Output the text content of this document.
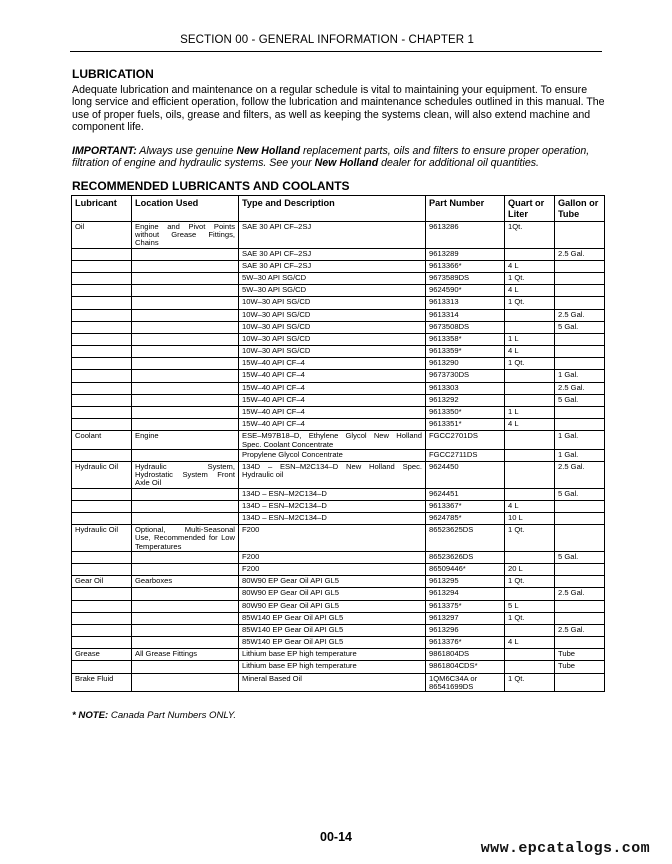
SECTION 00 - GENERAL INFORMATION - CHAPTER 1
LUBRICATION
Adequate lubrication and maintenance on a regular schedule is vital to maintaining your equipment. To ensure long service and efficient operation, follow the lubrication and maintenance schedules outlined in this manual. The use of proper fuels, oils, grease and filters, as well as keeping the systems clean, will also extend machine and component life.
IMPORTANT: Always use genuine New Holland replacement parts, oils and filters to ensure proper operation, filtration of engine and hydraulic systems. See your New Holland dealer for additional oil quantities.
RECOMMENDED LUBRICANTS AND COOLANTS
Lubricant	Location Used	Type and Description	Part Number	Quart or Liter	Gallon or Tube
Oil	Engine and Pivot Points without Grease Fittings, Chains	SAE 30 API CF–2SJ	9613286	1Qt.	
		SAE 30 API CF–2SJ	9613289		2.5 Gal.
		SAE 30 API CF–2SJ	9613366*	4 L	
		5W–30 API SG/CD	9673589DS	1 Qt.	
		5W–30 API SG/CD	9624590*	4 L	
		10W–30 API SG/CD	9613313	1 Qt.	
		10W–30 API SG/CD	9613314		2.5 Gal.
		10W–30 API SG/CD	9673508DS		5 Gal.
		10W–30 API SG/CD	9613358*	1 L	
		10W–30 API SG/CD	9613359*	4 L	
		15W–40 API CF–4	9613290	1 Qt.	
		15W–40 API CF–4	9673730DS		1 Gal.
		15W–40 API CF–4	9613303		2.5 Gal.
		15W–40 API CF–4	9613292		5 Gal.
		15W–40 API CF–4	9613350*	1 L	
		15W–40 API CF–4	9613351*	4 L	
Coolant	Engine	ESE–M97B18–D, Ethylene Glycol New Holland Spec. Coolant Concentrate	FGCC2701DS		1 Gal.
		Propylene Glycol Concentrate	FGCC2711DS		1 Gal.
Hydraulic Oil	Hydraulic System, Hydrostatic System Front Axle Oil	134D – ESN–M2C134–D New Holland Spec. Hydraulic oil	9624450		2.5 Gal.
		134D – ESN–M2C134–D	9624451		5 Gal.
		134D – ESN–M2C134–D	9613367*	4 L	
		134D – ESN–M2C134–D	9624785*	10 L	
Hydraulic Oil	Optional, Multi-Seasonal Use, Recommended for Low Temperatures	F200	86523625DS	1 Qt.	
		F200	86523626DS		5 Gal.
		F200	86509446*	20 L	
Gear Oil	Gearboxes	80W90 EP Gear Oil API GL5	9613295	1 Qt.	
		80W90 EP Gear Oil API GL5	9613294		2.5 Gal.
		80W90 EP Gear Oil API GL5	9613375*	5 L	
		85W140 EP Gear Oil API GL5	9613297	1 Qt.	
		85W140 EP Gear Oil API GL5	9613296		2.5 Gal.
		85W140 EP Gear Oil API GL5	9613376*	4 L	
Grease	All Grease Fittings	Lithium base EP high temperature	9861804DS		Tube
		Lithium base EP high temperature	9861804CDS*		Tube
Brake Fluid		Mineral Based Oil	1QM6C34A or 86541699DS	1 Qt.	
* NOTE: Canada Part Numbers ONLY.
00-14
www.epcatalogs.com
